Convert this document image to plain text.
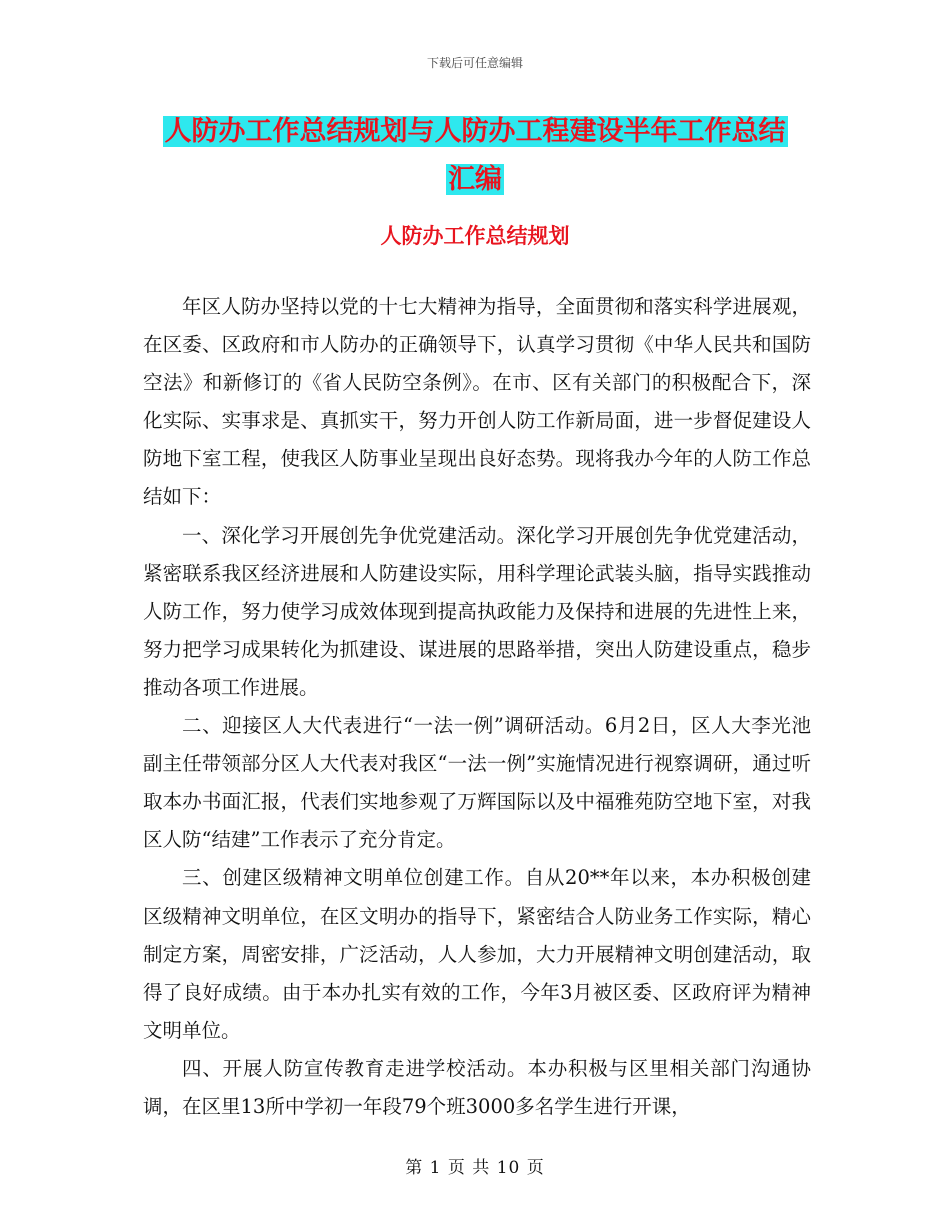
下载后可任意编辑
人防办工作总结规划与人防办工程建设半年工作总结
汇编
人防办工作总结规划

年区人防办坚持以党的十七大精神为指导，全面贯彻和落实科学进展观，在区委、区政府和市人防办的正确领导下，认真学习贯彻《中华人民共和国防空法》和新修订的《省人民防空条例》。在市、区有关部门的积极配合下，深化实际、实事求是、真抓实干，努力开创人防工作新局面，进一步督促建设人防地下室工程，使我区人防事业呈现出良好态势。现将我办今年的人防工作总结如下：

一、深化学习开展创先争优党建活动。深化学习开展创先争优党建活动，紧密联系我区经济进展和人防建设实际，用科学理论武装头脑，指导实践推动人防工作，努力使学习成效体现到提高执政能力及保持和进展的先进性上来，努力把学习成果转化为抓建设、谋进展的思路举措，突出人防建设重点，稳步推动各项工作进展。

二、迎接区人大代表进行“一法一例”调研活动。6月2日，区人大李光池副主任带领部分区人大代表对我区“一法一例”实施情况进行视察调研，通过听取本办书面汇报，代表们实地参观了万辉国际以及中福雅苑防空地下室，对我区人防“结建”工作表示了充分肯定。

三、创建区级精神文明单位创建工作。自从20**年以来，本办积极创建区级精神文明单位，在区文明办的指导下，紧密结合人防业务工作实际，精心制定方案，周密安排，广泛活动，人人参加，大力开展精神文明创建活动，取得了良好成绩。由于本办扎实有效的工作，今年3月被区委、区政府评为精神文明单位。

四、开展人防宣传教育走进学校活动。本办积极与区里相关部门沟通协调，在区里13所中学初一年段79个班3000多名学生进行开课，

第 1 页 共 10 页
